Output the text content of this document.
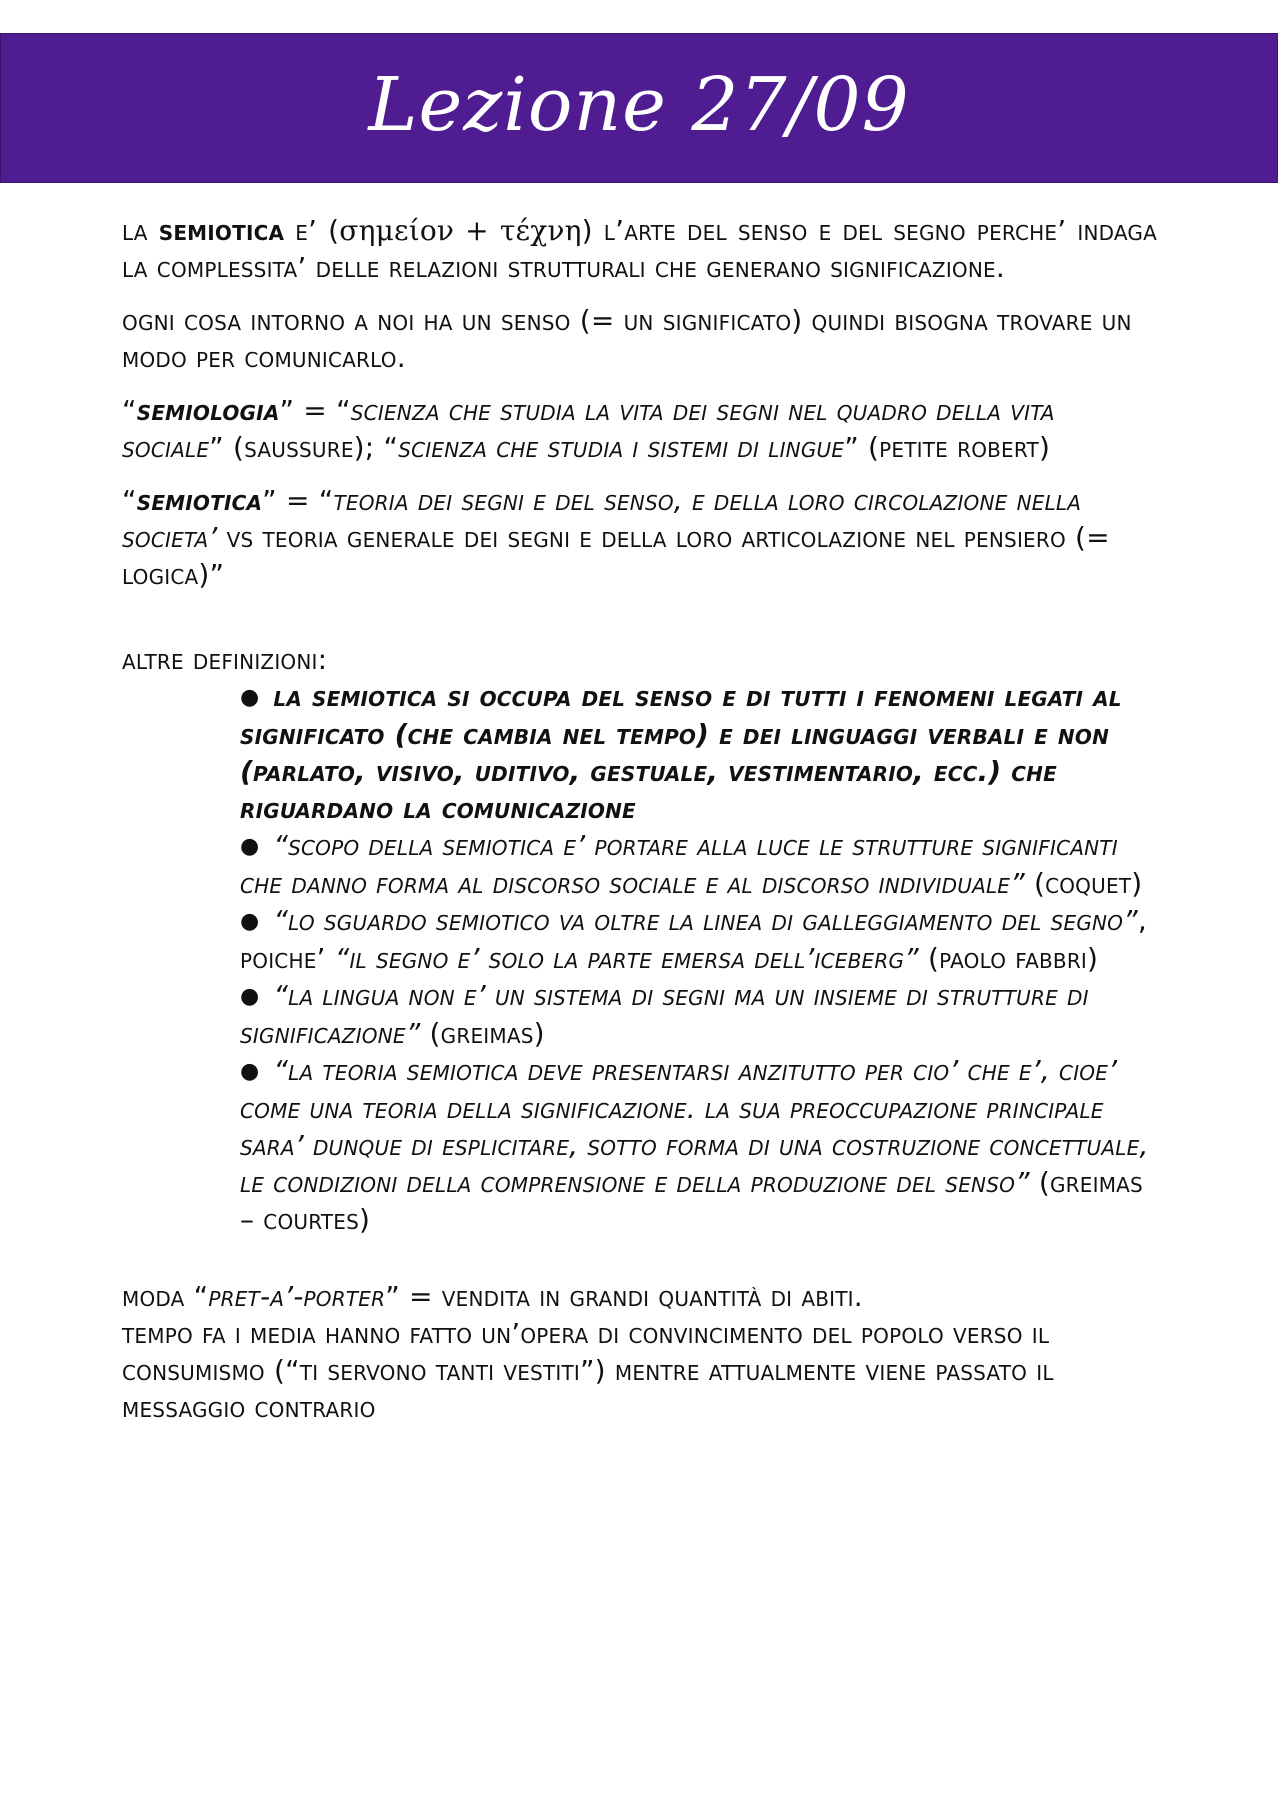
Lezione 27/09

la semiotica e’ (σημείον + τέχνη) l’arte del senso e del segno perche’ indaga la complessita’ delle relazioni strutturali che generano significazione.

ogni cosa intorno a noi ha un senso (= un significato) quindi bisogna trovare un modo per comunicarlo.

“semiologia” = “scienza che studia la vita dei segni nel quadro della vita sociale” (saussure); “scienza che studia i sistemi di lingue” (petite robert)

“semiotica” = “teoria dei segni e del senso, e della loro circolazione nella societa’ vs teoria generale dei segni e della loro articolazione nel pensiero (= logica)”

altre definizioni:

● la semiotica si occupa del senso e di tutti i fenomeni legati al significato (che cambia nel tempo) e dei linguaggi verbali e non (parlato, visivo, uditivo, gestuale, vestimentario, ecc.) che riguardano la comunicazione
● “scopo della semiotica e’ portare alla luce le strutture significanti che danno forma al discorso sociale e al discorso individuale” (coquet)
● “lo sguardo semiotico va oltre la linea di galleggiamento del segno”, poiche’ “il segno e’ solo la parte emersa dell’iceberg” (paolo fabbri)
● “la lingua non e’ un sistema di segni ma un insieme di strutture di significazione” (greimas)
● “la teoria semiotica deve presentarsi anzitutto per cio’ che e’, cioe’ come una teoria della significazione. la sua preoccupazione principale sara’ dunque di esplicitare, sotto forma di una costruzione concettuale, le condizioni della comprensione e della produzione del senso” (greimas – courtes)

moda “pret-a’-porter” = vendita in grandi quantità di abiti.

tempo fa i media hanno fatto un’opera di convincimento del popolo verso il consumismo (“ti servono tanti vestiti”) mentre attualmente viene passato il messaggio contrario
